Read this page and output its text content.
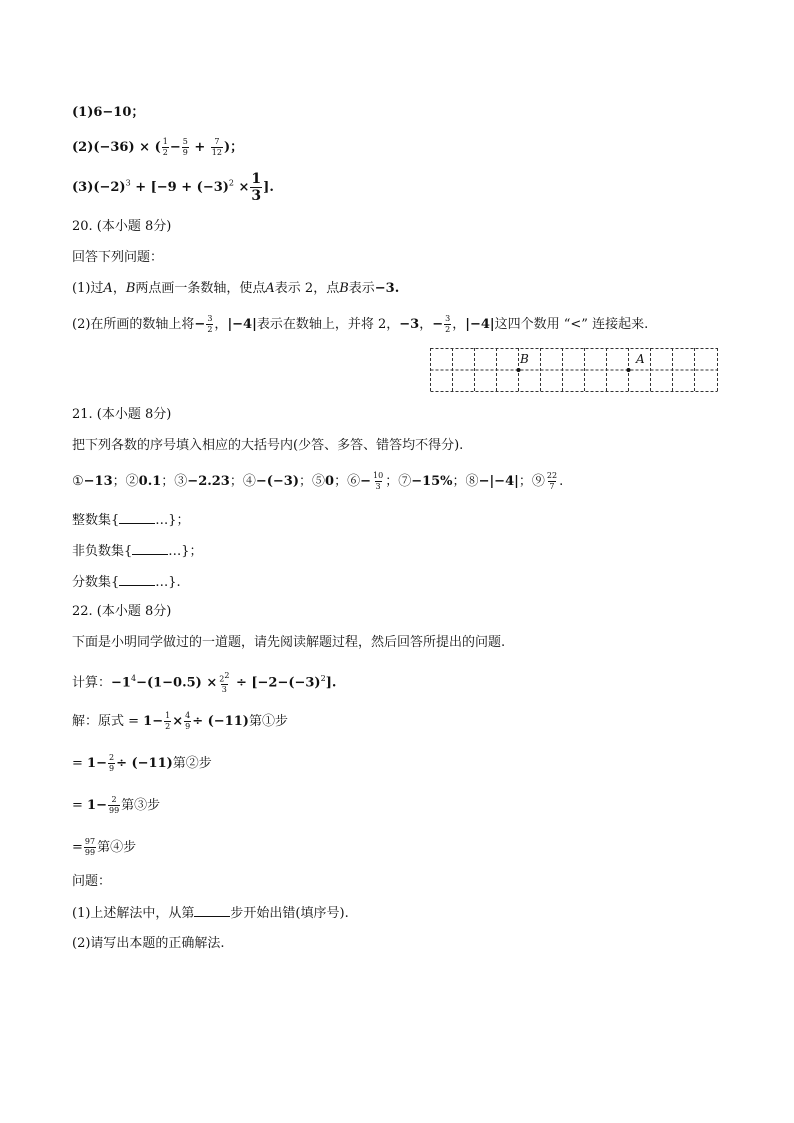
(1)6−10；
(2)(−36) × ( $\frac{1}{2} - \frac{5}{9} + \frac{7}{12}$ )；
$(3)(-2)^3 + [-9 + (-3)^2 \times \frac{1}{3}$ ].
20. (本小题 8分)
回答下列问题：
(1)过A，B两点画一条数轴，使点A表示 2，点B表示−3.
(2)在所画的数轴上将− $\frac{3}{2}$ ，|−4|表示在数轴上，并将 2，−3，− $\frac{3}{2}$ ，|−4|这四个数用 “<” 连接起来.
B	A
21. (本小题 8分)
把下列各数的序号填入相应的大括号内(少答、多答、错答均不得分).
①−13；②0.1；③−2.23；④−(−3)；⑤0；⑥− $\frac{10}{3}$ ；⑦−15%；⑧−|−4|；⑨ $\frac{22}{7}$ .
整数集{	…}；
非负数集{	…}；
分数集{	…}.
22. (本小题 8分)
下面是小明同学做过的一道题，请先阅读解题过程，然后回答所提出的问题.
计算：$-1^4-(1-0.5) \times \frac{2^2}{3} \div [-2-(-3)^2]$.
解：原式 = $1- \frac{1}{2} \times \frac{4}{9} \div (-11)$第①步
= $1- \frac{2}{9} \div (-11)$第②步
= $1- \frac{2}{99}$ 第③步
= $\frac{97}{99}$ 第④步
问题：
(1)上述解法中，从第	步开始出错(填序号).
(2)请写出本题的正确解法.
